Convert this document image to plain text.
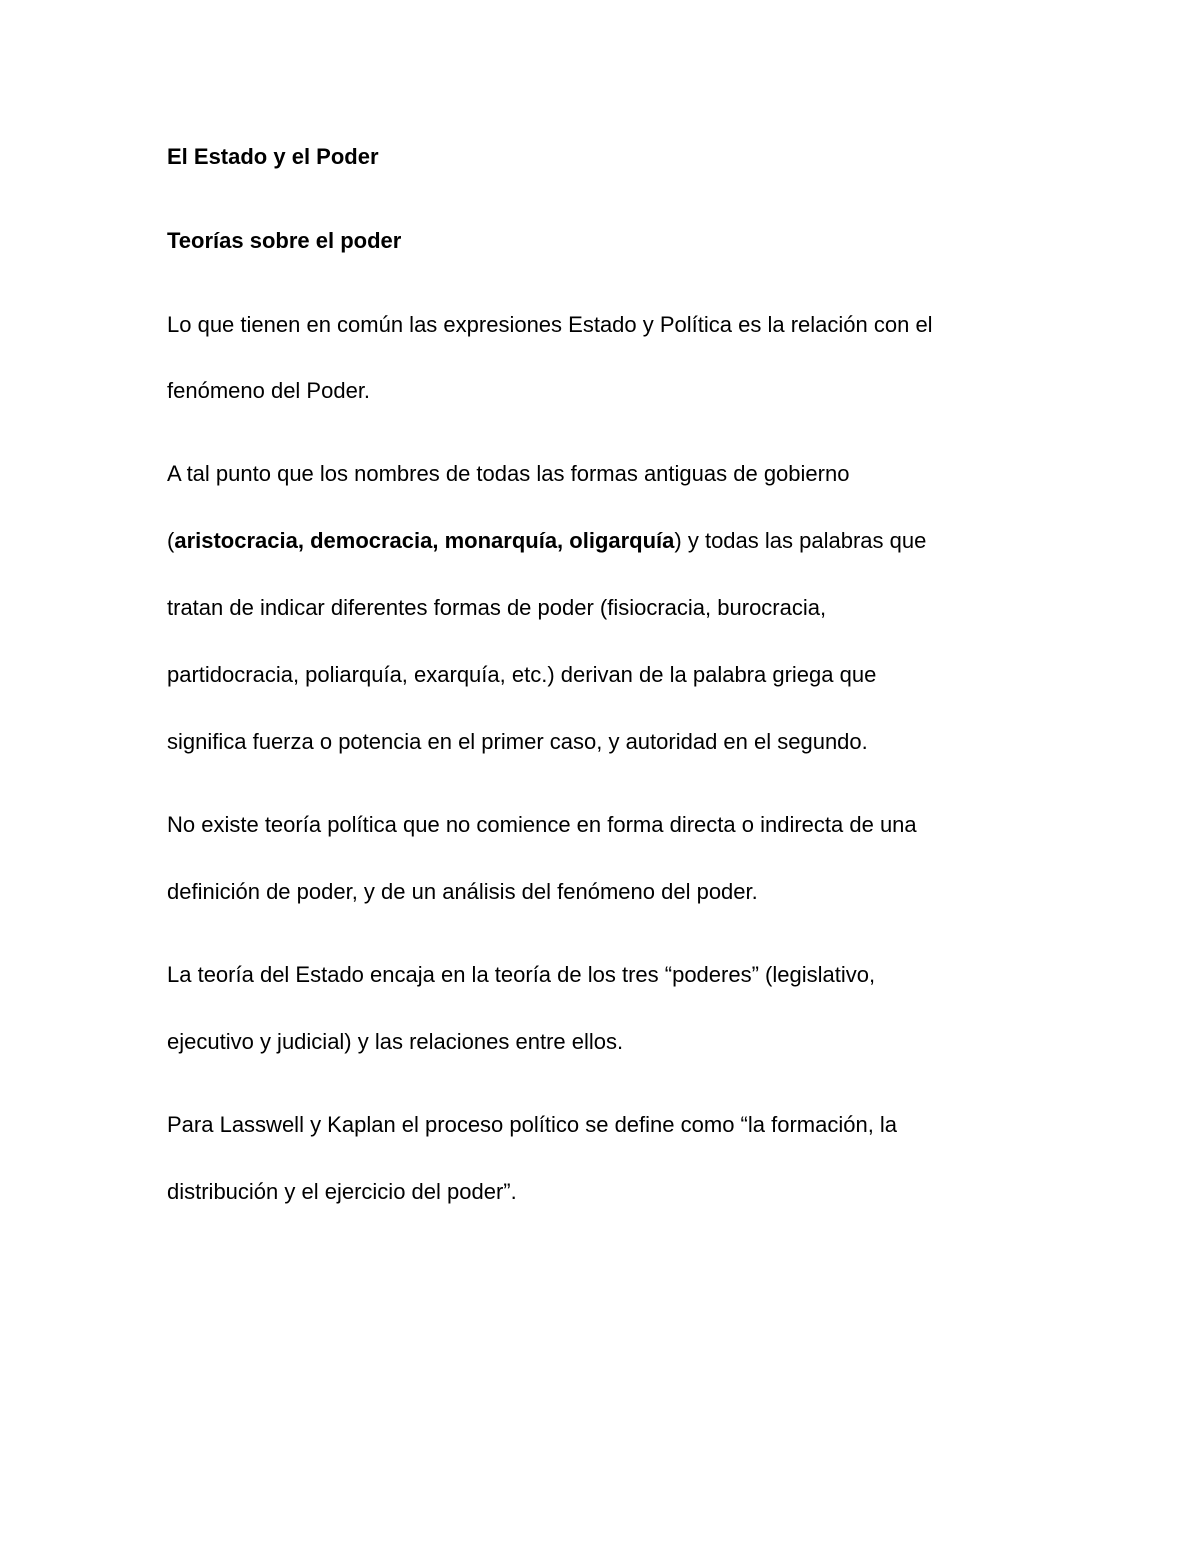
El Estado y el Poder
Teorías sobre el poder
Lo que tienen en común las expresiones Estado y Política es la relación con el
fenómeno del Poder.
A tal punto que los nombres de todas las formas antiguas de gobierno
(aristocracia, democracia, monarquía, oligarquía) y todas las palabras que
tratan de indicar diferentes formas de poder (fisiocracia, burocracia,
partidocracia, poliarquía, exarquía, etc.) derivan de la palabra griega que
significa fuerza o potencia en el primer caso, y autoridad en el segundo.
No existe teoría política que no comience en forma directa o indirecta de una
definición de poder, y de un análisis del fenómeno del poder.
La teoría del Estado encaja en la teoría de los tres “poderes” (legislativo,
ejecutivo y judicial) y las relaciones entre ellos.
Para Lasswell y Kaplan el proceso político se define como “la formación, la
distribución y el ejercicio del poder”.
